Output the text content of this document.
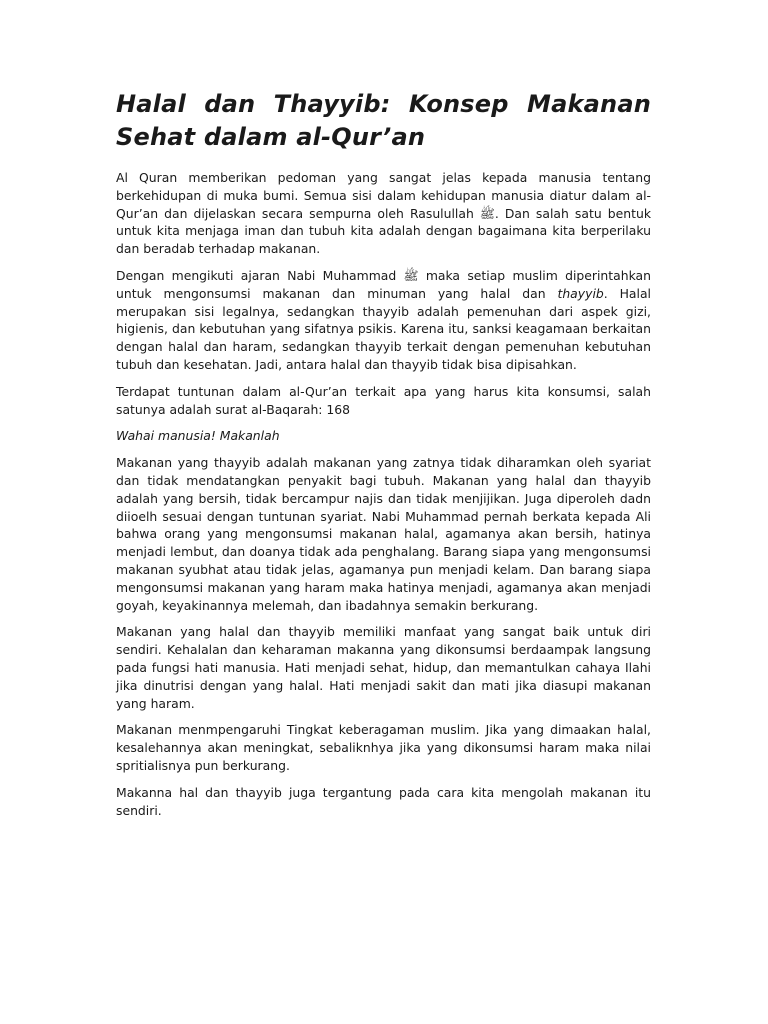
Halal dan Thayyib: Konsep Makanan Sehat dalam al-Qur’an

Al Quran memberikan pedoman yang sangat jelas kepada manusia tentang berkehidupan di muka bumi. Semua sisi dalam kehidupan manusia diatur dalam al-Qur’an dan dijelaskan secara sempurna oleh Rasulullah ﷺ. Dan salah satu bentuk untuk kita menjaga iman dan tubuh kita adalah dengan bagaimana kita berperilaku dan beradab terhadap makanan.

Dengan mengikuti ajaran Nabi Muhammad ﷺ maka setiap muslim diperintahkan untuk mengonsumsi makanan dan minuman yang halal dan thayyib. Halal merupakan sisi legalnya, sedangkan thayyib adalah pemenuhan dari aspek gizi, higienis, dan kebutuhan yang sifatnya psikis. Karena itu, sanksi keagamaan berkaitan dengan halal dan haram, sedangkan thayyib terkait dengan pemenuhan kebutuhan tubuh dan kesehatan. Jadi, antara halal dan thayyib tidak bisa dipisahkan.

Terdapat tuntunan dalam al-Qur’an terkait apa yang harus kita konsumsi, salah satunya adalah surat al-Baqarah: 168

Wahai manusia! Makanlah

Makanan yang thayyib adalah makanan yang zatnya tidak diharamkan oleh syariat dan tidak mendatangkan penyakit bagi tubuh. Makanan yang halal dan thayyib adalah yang bersih, tidak bercampur najis dan tidak menjijikan. Juga diperoleh dadn diioelh sesuai dengan tuntunan syariat. Nabi Muhammad pernah berkata kepada Ali bahwa orang yang mengonsumsi makanan halal, agamanya akan bersih, hatinya menjadi lembut, dan doanya tidak ada penghalang. Barang siapa yang mengonsumsi makanan syubhat atau tidak jelas, agamanya pun menjadi kelam. Dan barang siapa mengonsumsi makanan yang haram maka hatinya menjadi, agamanya akan menjadi goyah, keyakinannya melemah, dan ibadahnya semakin berkurang.

Makanan yang halal dan thayyib memiliki manfaat yang sangat baik untuk diri sendiri. Kehalalan dan keharaman makanna yang dikonsumsi berdaampak langsung pada fungsi hati manusia. Hati menjadi sehat, hidup, dan memantulkan cahaya Ilahi jika dinutrisi dengan yang halal. Hati menjadi sakit dan mati jika diasupi makanan yang haram.

Makanan menmpengaruhi Tingkat keberagaman muslim. Jika yang dimaakan halal, kesalehannya akan meningkat, sebaliknhya jika yang dikonsumsi haram maka nilai spritialisnya pun berkurang.

Makanna hal dan thayyib juga tergantung pada cara kita mengolah makanan itu sendiri.
